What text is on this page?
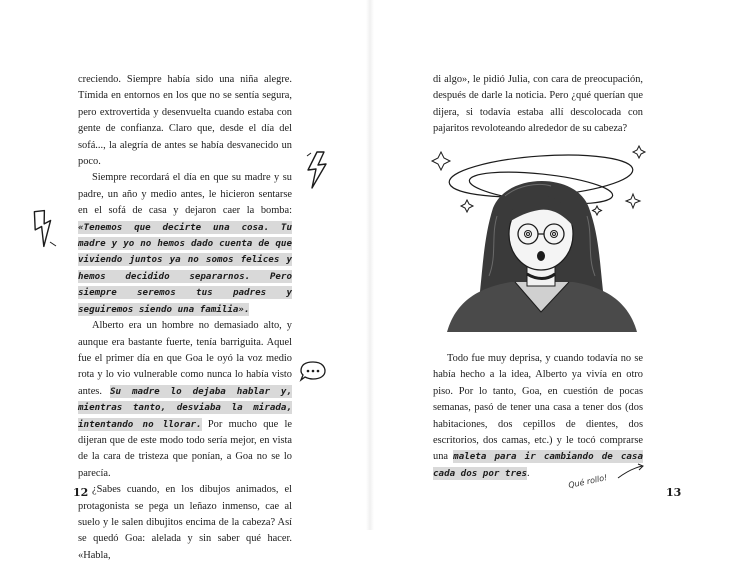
creciendo. Siempre había sido una niña alegre. Tímida en entornos en los que no se sentía segura, pero extrovertida y desenvuelta cuando estaba con gente de confianza. Claro que, desde el día del sofá..., la alegría de antes se había desvanecido un poco.

Siempre recordará el día en que su madre y su padre, un año y medio antes, le hicieron sentarse en el sofá de casa y dejaron caer la bomba: «Tenemos que decirte una cosa. Tu madre y yo no hemos dado cuenta de que viviendo juntos ya no somos felices y hemos decidido separarnos. Pero siempre seremos tus padres y seguiremos siendo una familia».

Alberto era un hombre no demasiado alto, y aunque era bastante fuerte, tenía barriguita. Aquel fue el primer día en que Goa le oyó la voz medio rota y lo vio vulnerable como nunca lo había visto antes. Su madre lo dejaba hablar y, mientras tanto, desviaba la mirada, intentando no llorar. Por mucho que le dijeran que de este modo todo sería mejor, en vista de la cara de tristeza que ponían, a Goa no se lo parecía.

¿Sabes cuando, en los dibujos animados, el protagonista se pega un leñazo inmenso, cae al suelo y le salen dibujitos encima de la cabeza? Así se quedó Goa: alelada y sin saber qué hacer. «Habla,

12

di algo», le pidió Julia, con cara de preocupación, después de darle la noticia. Pero ¿qué querían que dijera, si todavía estaba allí descolocada con pajaritos revoloteando alrededor de su cabeza?

Todo fue muy deprisa, y cuando todavía no se había hecho a la idea, Alberto ya vivía en otro piso. Por lo tanto, Goa, en cuestión de pocas semanas, pasó de tener una casa a tener dos (dos habitaciones, dos cepillos de dientes, dos escritorios, dos camas, etc.) y le tocó comprarse una maleta para ir cambiando de casa cada dos por tres.	Qué rollo!
13
